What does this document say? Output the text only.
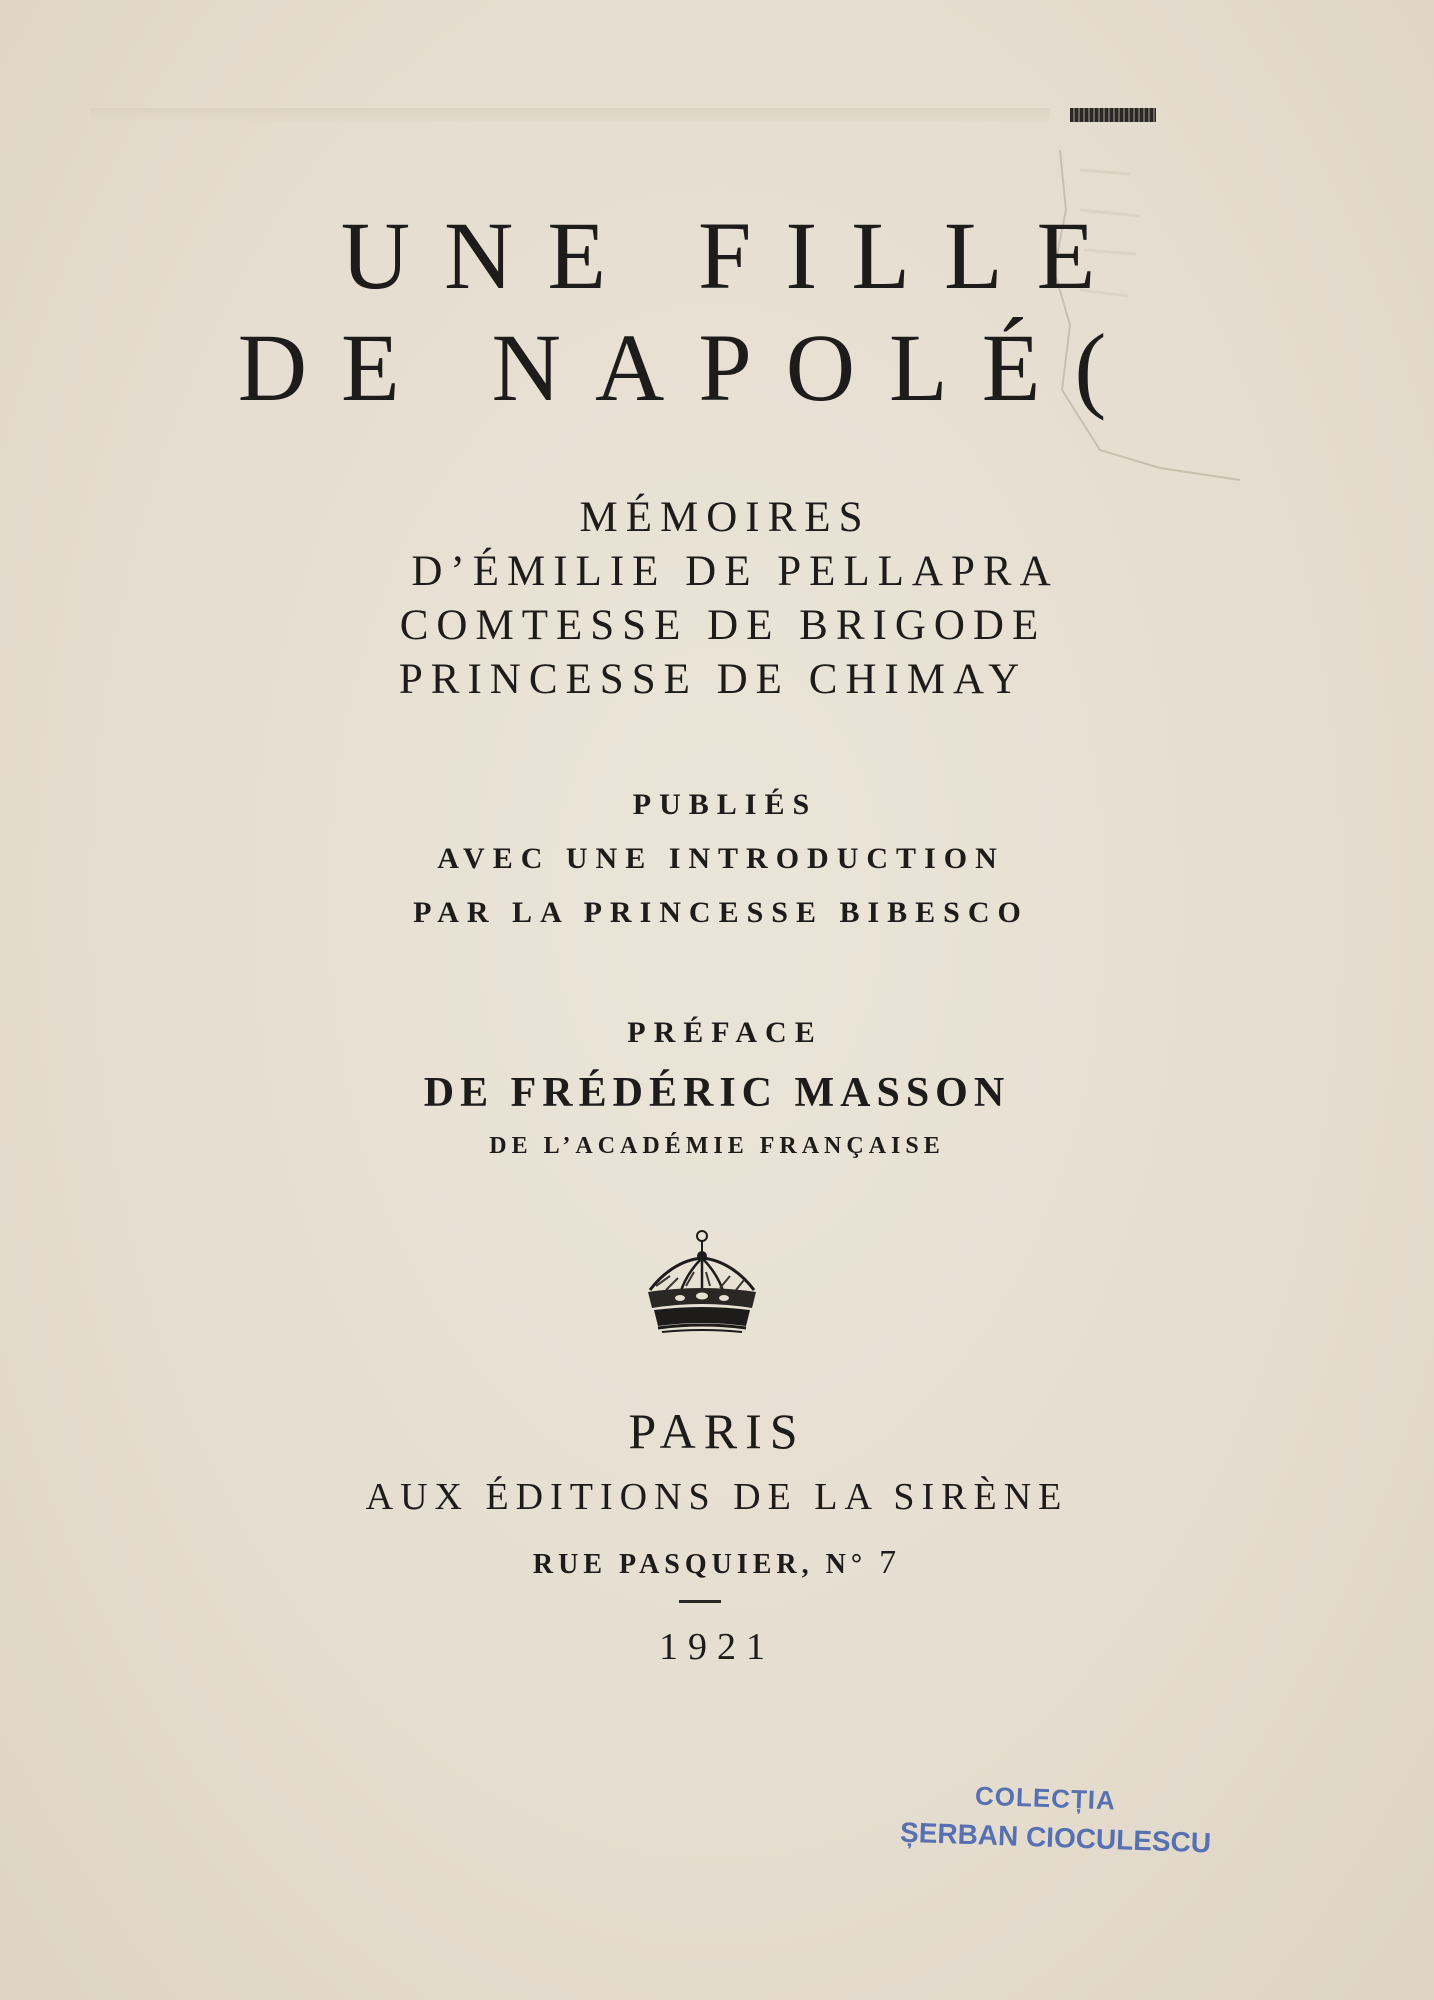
UNE FILLE
DE NAPOLÉ(
MÉMOIRES
D’ÉMILIE DE PELLAPRA
COMTESSE DE BRIGODE
PRINCESSE DE CHIMAY
PUBLIÉS
AVEC UNE INTRODUCTION
PAR LA PRINCESSE BIBESCO
PRÉFACE
DE FRÉDÉRIC MASSON
DE L’ACADÉMIE FRANÇAISE
PARIS
AUX ÉDITIONS DE LA SIRÈNE
RUE PASQUIER, N° 7
1921
COLECȚIA
ȘERBAN CIOCULESCU
